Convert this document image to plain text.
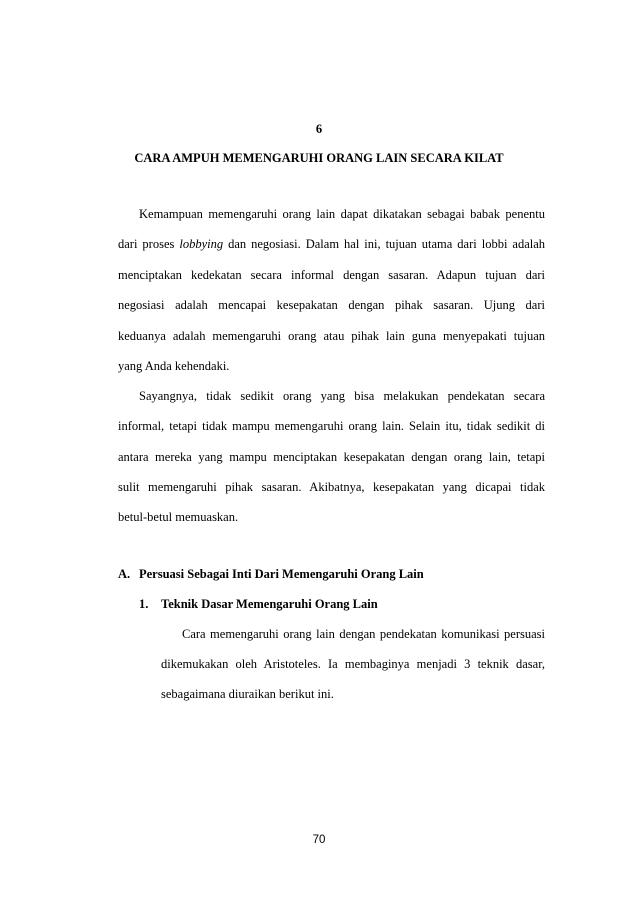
6
CARA AMPUH MEMENGARUHI ORANG LAIN SECARA KILAT
Kemampuan memengaruhi orang lain dapat dikatakan sebagai babak penentu
dari proses lobbying dan negosiasi. Dalam hal ini, tujuan utama dari lobbi adalah
menciptakan kedekatan secara informal dengan sasaran. Adapun tujuan dari
negosiasi adalah mencapai kesepakatan dengan pihak sasaran. Ujung dari
keduanya adalah memengaruhi orang atau pihak lain guna menyepakati tujuan
yang Anda kehendaki.
Sayangnya, tidak sedikit orang yang bisa melakukan pendekatan secara
informal, tetapi tidak mampu memengaruhi orang lain. Selain itu, tidak sedikit di
antara mereka yang mampu menciptakan kesepakatan dengan orang lain, tetapi
sulit memengaruhi pihak sasaran. Akibatnya, kesepakatan yang dicapai tidak
betul-betul memuaskan.
A. Persuasi Sebagai Inti Dari Memengaruhi Orang Lain
1. Teknik Dasar Memengaruhi Orang Lain
Cara memengaruhi orang lain dengan pendekatan komunikasi persuasi
dikemukakan oleh Aristoteles. Ia membaginya menjadi 3 teknik dasar,
sebagaimana diuraikan berikut ini.
70
